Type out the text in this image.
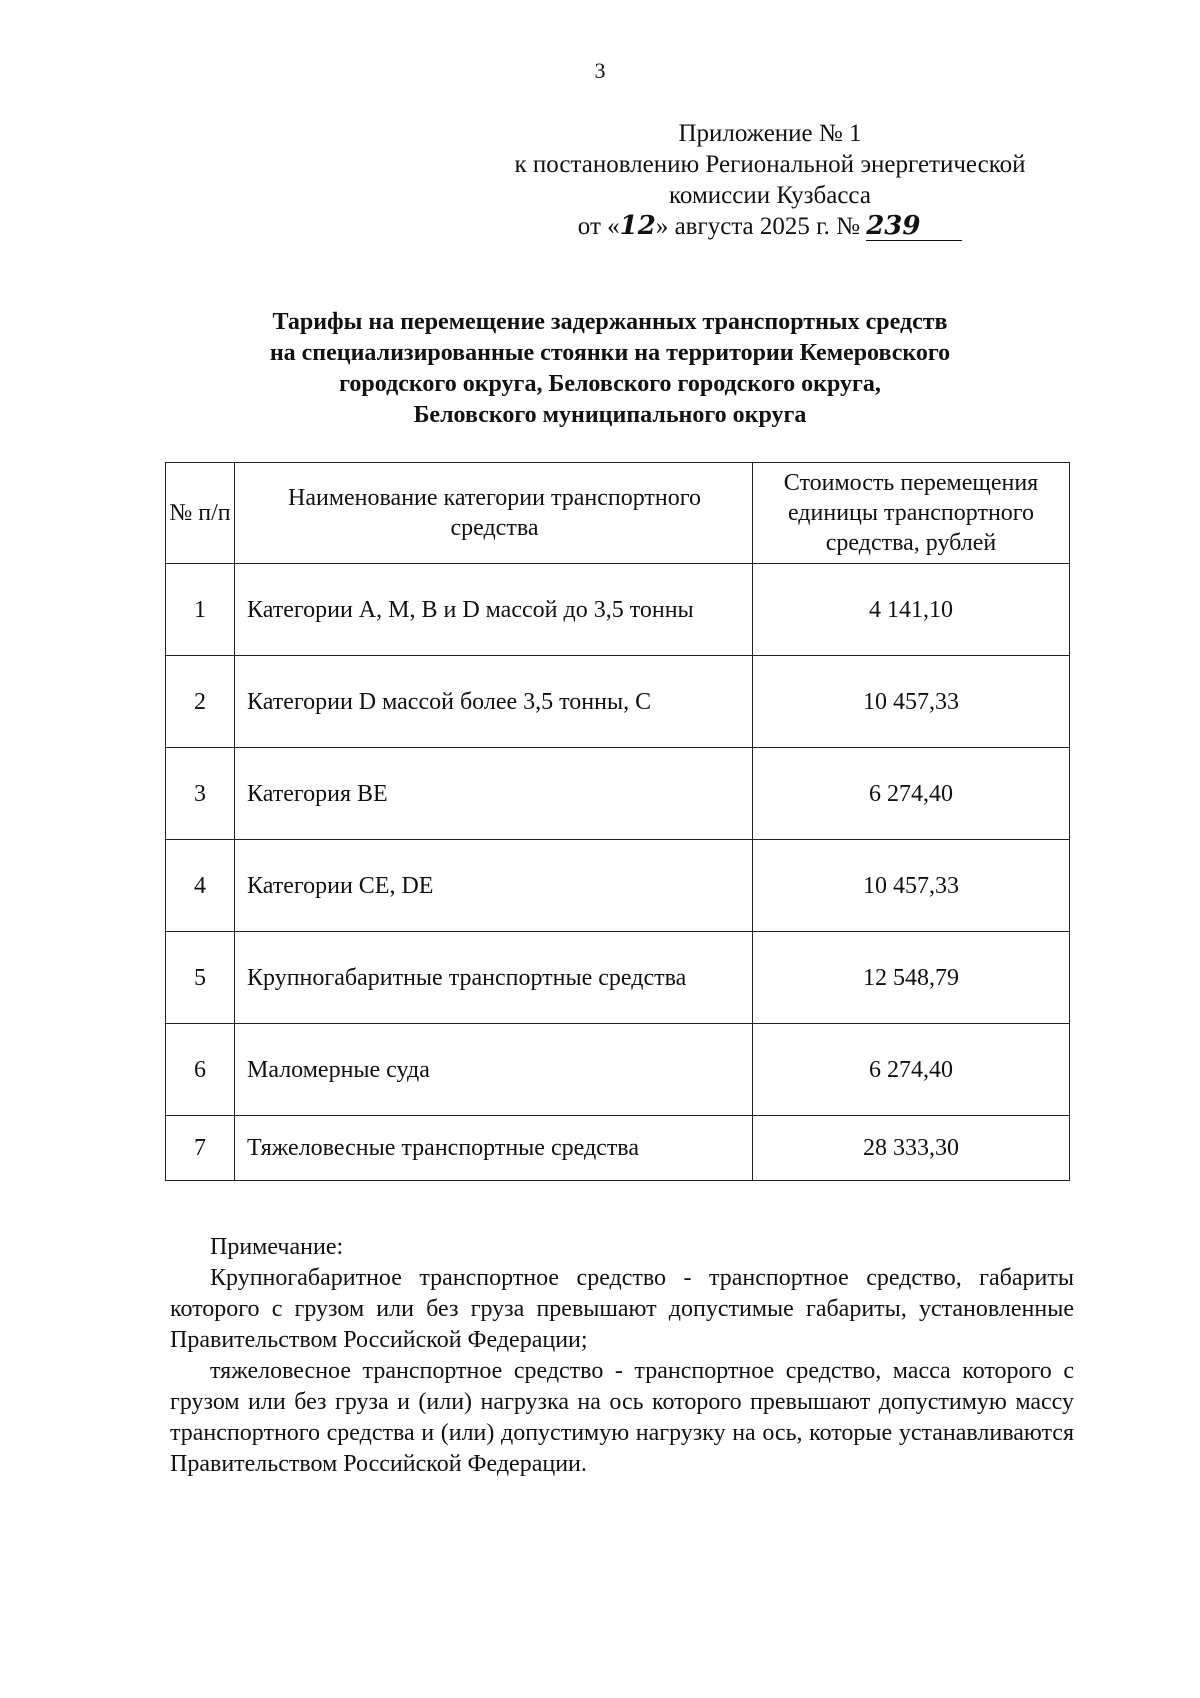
3
Приложение № 1
к постановлению Региональной энергетической
комиссии Кузбасса
от «12» августа 2025 г. № 239
Тарифы на перемещение задержанных транспортных средств
на специализированные стоянки на территории Кемеровского
городского округа, Беловского городского округа,
Беловского муниципального округа
№ п/п	Наименование категории транспортного средства	Стоимость перемещения единицы транспортного средства, рублей
1	Категории A, M, B и D массой до 3,5 тонны	4 141,10
2	Категории D массой более 3,5 тонны, C	10 457,33
3	Категория BE	6 274,40
4	Категории CE, DE	10 457,33
5	Крупногабаритные транспортные средства	12 548,79
6	Маломерные суда	6 274,40
7	Тяжеловесные транспортные средства	28 333,30

Примечание:

Крупногабаритное транспортное средство - транспортное средство, габариты которого с грузом или без груза превышают допустимые габариты, установленные Правительством Российской Федерации;

тяжеловесное транспортное средство - транспортное средство, масса которого с грузом или без груза и (или) нагрузка на ось которого превышают допустимую массу транспортного средства и (или) допустимую нагрузку на ось, которые устанавливаются Правительством Российской Федерации.
